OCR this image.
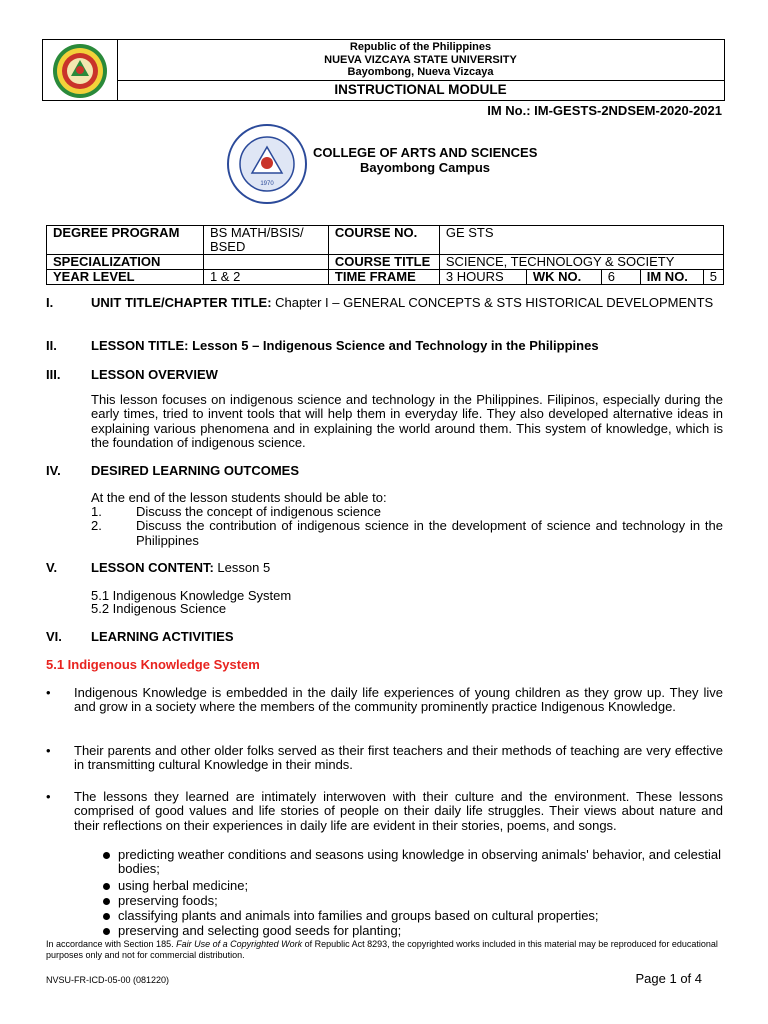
Republic of the Philippines
NUEVA VIZCAYA STATE UNIVERSITY
Bayombong, Nueva Vizcaya
INSTRUCTIONAL MODULE
IM No.: IM-GESTS-2NDSEM-2020-2021
1970
COLLEGE OF ARTS AND SCIENCES
Bayombong Campus
DEGREE PROGRAM	BS MATH/BSIS/ BSED	COURSE NO.	GE STS				
SPECIALIZATION		COURSE TITLE	SCIENCE, TECHNOLOGY & SOCIETY				
YEAR LEVEL	1 & 2	TIME FRAME	3 HOURS	WK NO.	6	IM NO.	5
I.	UNIT TITLE/CHAPTER TITLE: Chapter I – GENERAL CONCEPTS & STS HISTORICAL DEVELOPMENTS
II.	LESSON TITLE: Lesson 5 – Indigenous Science and Technology in the Philippines
III. LESSON OVERVIEW
This lesson focuses on indigenous science and technology in the Philippines. Filipinos, especially during the early times, tried to invent tools that will help them in everyday life. They also developed alternative ideas in explaining various phenomena and in explaining the world around them. This system of knowledge, which is the foundation of indigenous science.
IV. DESIRED LEARNING OUTCOMES
At the end of the lesson students should be able to:
1.	Discuss the concept of indigenous science
2.	Discuss the contribution of indigenous science in the development of science and technology in the Philippines
V.	LESSON CONTENT: Lesson 5
5.1 Indigenous Knowledge System
5.2 Indigenous Science
VI. LEARNING ACTIVITIES
5.1 Indigenous Knowledge System
• Indigenous Knowledge is embedded in the daily life experiences of young children as they grow up. They live and grow in a society where the members of the community prominently practice Indigenous Knowledge.
• Their parents and other older folks served as their first teachers and their methods of teaching are very effective in transmitting cultural Knowledge in their minds.
• The lessons they learned are intimately interwoven with their culture and the environment. These lessons comprised of good values and life stories of people on their daily life struggles. Their views about nature and their reflections on their experiences in daily life are evident in their stories, poems, and songs.
predicting weather conditions and seasons using knowledge in observing animals' behavior, and celestial bodies;
using herbal medicine;
preserving foods;
classifying plants and animals into families and groups based on cultural properties;
preserving and selecting good seeds for planting;
In accordance with Section 185. Fair Use of a Copyrighted Work of Republic Act 8293, the copyrighted works included in this material may be reproduced for educational purposes only and not for commercial distribution.
NVSU-FR-ICD-05-00 (081220)	Page 1 of 4
